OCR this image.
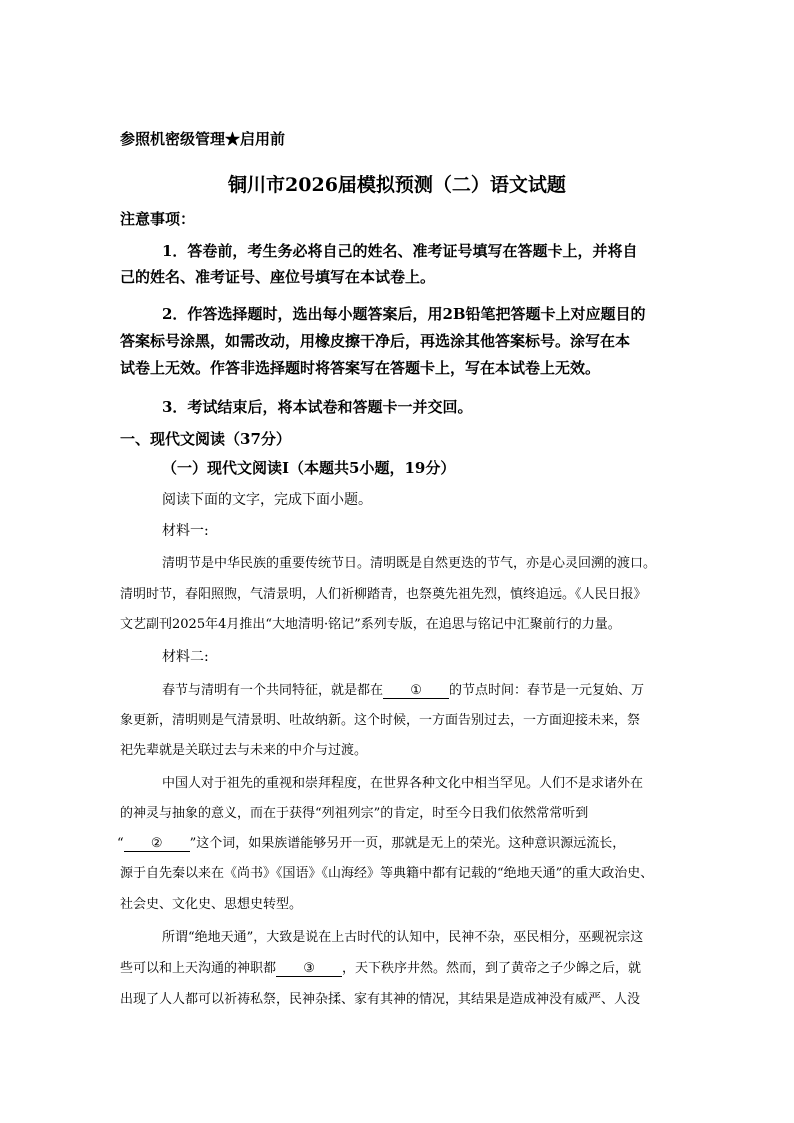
参照机密级管理★启用前
铜川市2026届模拟预测（二）语文试题
注意事项：
1．答卷前，考生务必将自己的姓名、准考证号填写在答题卡上，并将自
己的姓名、准考证号、座位号填写在本试卷上。
2．作答选择题时，选出每小题答案后，用2B铅笔把答题卡上对应题目的
答案标号涂黑，如需改动，用橡皮擦干净后，再选涂其他答案标号。涂写在本
试卷上无效。作答非选择题时将答案写在答题卡上，写在本试卷上无效。
3．考试结束后，将本试卷和答题卡一并交回。
一、现代文阅读（37分）
（一）现代文阅读Ⅰ（本题共5小题，19分）
阅读下面的文字，完成下面小题。
材料一:
清明节是中华民族的重要传统节日。清明既是自然更迭的节气，亦是心灵回溯的渡口。
清明时节，春阳照煦，气清景明，人们祈柳踏青，也祭奠先祖先烈，慎终追远。《人民日报》
文艺副刊2025年4月推出“大地清明·铭记”系列专版，在追思与铭记中汇聚前行的力量。
材料二:
春节与清明有一个共同特征，就是都在 ① 的节点时间：春节是一元复始、万
象更新，清明则是气清景明、吐故纳新。这个时候，一方面告别过去，一方面迎接未来，祭
祀先辈就是关联过去与未来的中介与过渡。
中国人对于祖先的重视和崇拜程度，在世界各种文化中相当罕见。人们不是求诸外在
的神灵与抽象的意义，而在于获得“列祖列宗”的肯定，时至今日我们依然常常听到
“ ② ”这个词，如果族谱能够另开一页，那就是无上的荣光。这种意识源远流长，
源于自先秦以来在《尚书》《国语》《山海经》等典籍中都有记载的“绝地天通”的重大政治史、
社会史、文化史、思想史转型。
所谓“绝地天通”，大致是说在上古时代的认知中，民神不杂，巫民相分，巫觋祝宗这
些可以和上天沟通的神职都 ③ ，天下秩序井然。然而，到了黄帝之子少皞之后，就
出现了人人都可以祈祷私祭，民神杂揉、家有其神的情况，其结果是造成神没有威严、人没
